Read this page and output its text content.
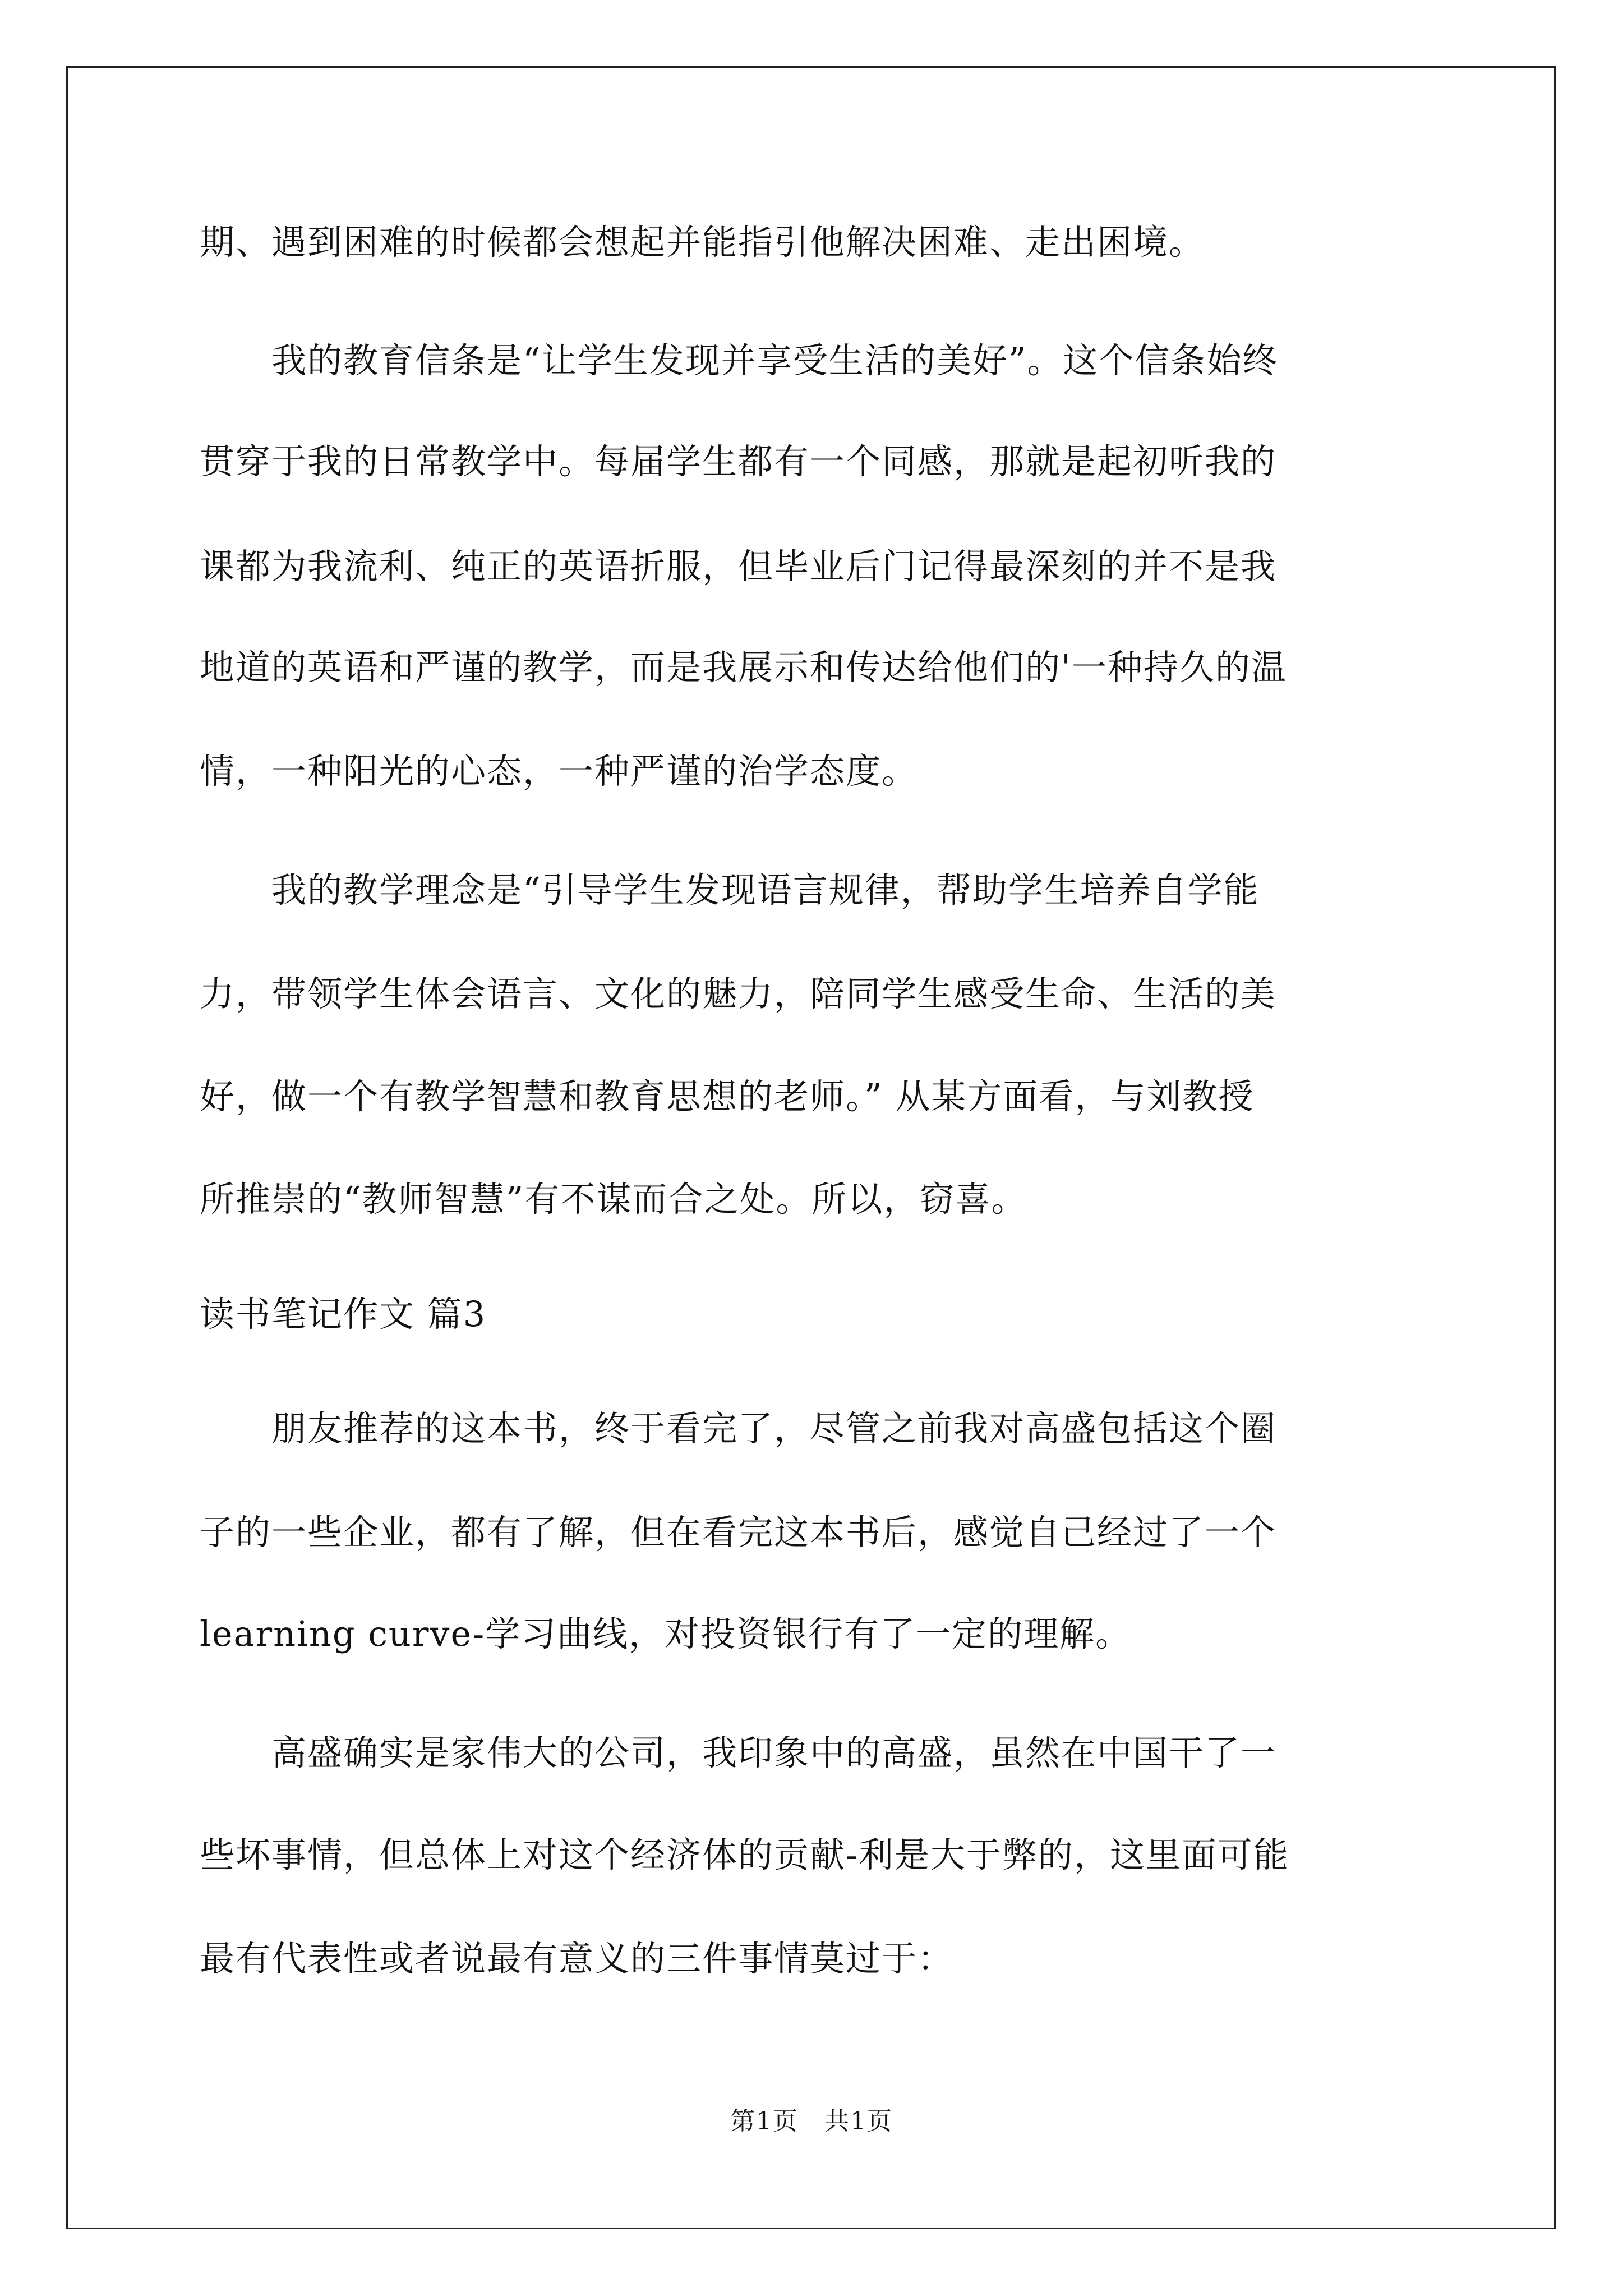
期、遇到困难的时候都会想起并能指引他解决困难、走出困境。

　　我的教育信条是“让学生发现并享受生活的美好”。这个信条始终

贯穿于我的日常教学中。每届学生都有一个同感，那就是起初听我的

课都为我流利、纯正的英语折服，但毕业后门记得最深刻的并不是我

地道的英语和严谨的教学，而是我展示和传达给他们的'一种持久的温

情，一种阳光的心态，一种严谨的治学态度。

　　我的教学理念是“引导学生发现语言规律，帮助学生培养自学能

力，带领学生体会语言、文化的魅力，陪同学生感受生命、生活的美

好，做一个有教学智慧和教育思想的老师。” 从某方面看，与刘教授

所推崇的“教师智慧”有不谋而合之处。所以，窃喜。

读书笔记作文 篇3

　　朋友推荐的这本书，终于看完了，尽管之前我对高盛包括这个圈

子的一些企业，都有了解，但在看完这本书后，感觉自己经过了一个

learning curve-学习曲线，对投资银行有了一定的理解。

　　高盛确实是家伟大的公司，我印象中的高盛，虽然在中国干了一

些坏事情，但总体上对这个经济体的贡献-利是大于弊的，这里面可能

最有代表性或者说最有意义的三件事情莫过于：

第1页　共1页
